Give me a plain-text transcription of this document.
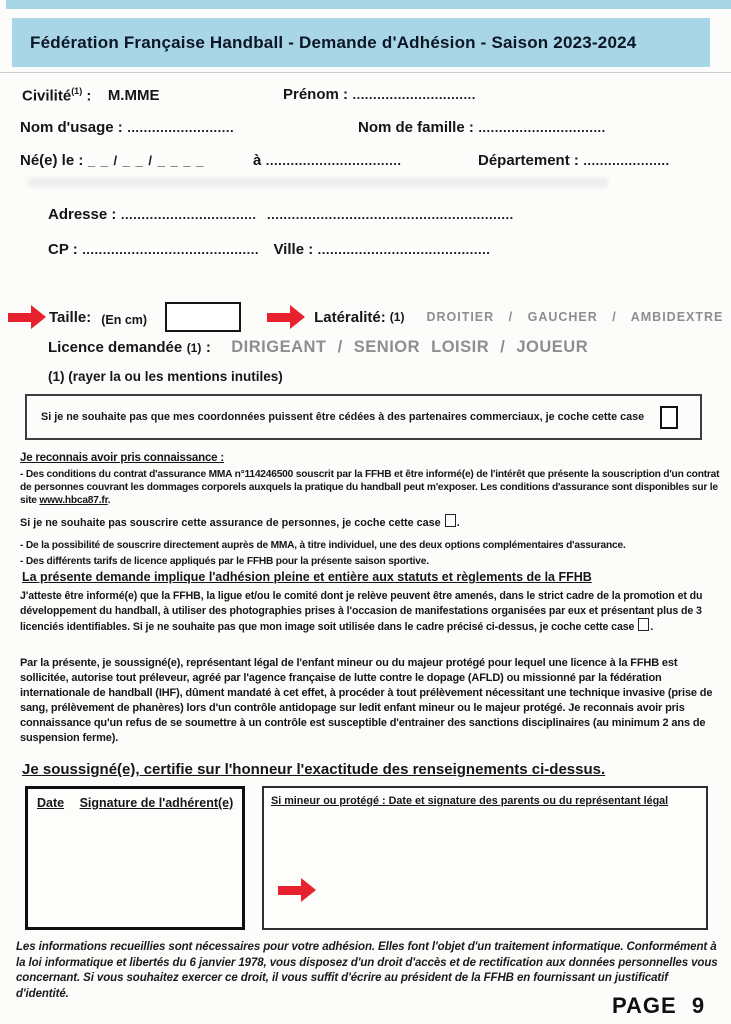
Fédération Française Handball - Demande d'Adhésion - Saison 2023-2024
Civilité$^{(1)}$ : M.MME	Prénom : ..............................
Nom d'usage : ..........................	Nom de famille : ...............................
Né(e) le : _ _ / _ _ / _ _ _ _	à .................................	Département : .....................
Adresse : ................................. ............................................................
CP : ........................................... Ville : ..........................................
Taille: (En cm)	Latéralité: (1) DROITIER / GAUCHER / AMBIDEXTRE
Licence demandée (1) : DIRIGEANT / SENIOR LOISIR / JOUEUR
(1) (rayer la ou les mentions inutiles)
Si je ne souhaite pas que mes coordonnées puissent être cédées à des partenaires commerciaux, je coche cette case
Je reconnais avoir pris connaissance :
- Des conditions du contrat d'assurance MMA n°114246500 souscrit par la FFHB et être informé(e) de l'intérêt que présente la souscription d'un contrat de personnes couvrant les dommages corporels auxquels la pratique du handball peut m'exposer. Les conditions d'assurance sont disponibles sur le site www.hbca87.fr.
Si je ne souhaite pas souscrire cette assurance de personnes, je coche cette case .
- De la possibilité de souscrire directement auprès de MMA, à titre individuel, une des deux options complémentaires d'assurance.
- Des différents tarifs de licence appliqués par le FFHB pour la présente saison sportive.
La présente demande implique l'adhésion pleine et entière aux statuts et règlements de la FFHB
J'atteste être informé(e) que la FFHB, la ligue et/ou le comité dont je relève peuvent être amenés, dans le strict cadre de la promotion et du développement du handball, à utiliser des photographies prises à l'occasion de manifestations organisées par eux et présentant plus de 3 licenciés identifiables. Si je ne souhaite pas que mon image soit utilisée dans le cadre précisé ci-dessus, je coche cette case .
Par la présente, je soussigné(e), représentant légal de l'enfant mineur ou du majeur protégé pour lequel une licence à la FFHB est sollicitée, autorise tout préleveur, agréé par l'agence française de lutte contre le dopage (AFLD) ou missionné par la fédération internationale de handball (IHF), dûment mandaté à cet effet, à procéder à tout prélèvement nécessitant une technique invasive (prise de sang, prélèvement de phanères) lors d'un contrôle antidopage sur ledit enfant mineur ou le majeur protégé. Je reconnais avoir pris connaissance qu'un refus de se soumettre à un contrôle est susceptible d'entrainer des sanctions disciplinaires (au minimum 2 ans de suspension ferme).
Je soussigné(e), certifie sur l'honneur l'exactitude des renseignements ci-dessus.
Date Signature de l'adhérent(e)	Si mineur ou protégé : Date et signature des parents ou du représentant légal
Les informations recueillies sont nécessaires pour votre adhésion. Elles font l'objet d'un traitement informatique. Conformément à la loi informatique et libertés du 6 janvier 1978, vous disposez d'un droit d'accès et de rectification aux données personnelles vous concernant. Si vous souhaitez exercer ce droit, il vous suffit d'écrire au président de la FFHB en fournissant un justificatif d'identité.	PAGE 9
